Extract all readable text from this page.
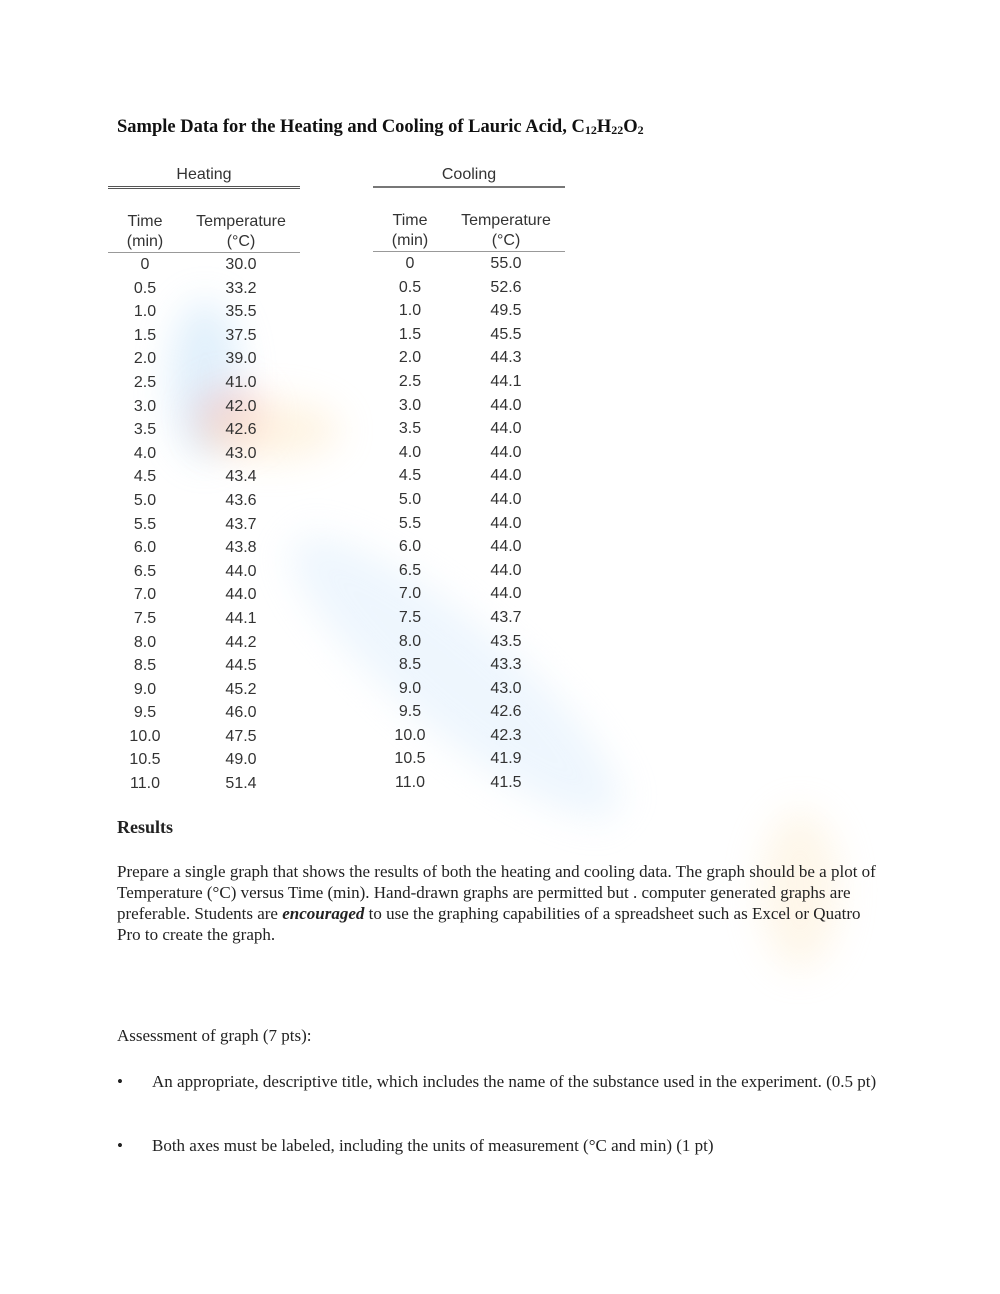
Sample Data for the Heating and Cooling of Lauric Acid, $C_{12}H_{22}O_2$
Heating
Time
(min)
Temperature
(°C)
0	30.0
0.5	33.2
1.0	35.5
1.5	37.5
2.0	39.0
2.5	41.0
3.0	42.0
3.5	42.6
4.0	43.0
4.5	43.4
5.0	43.6
5.5	43.7
6.0	43.8
6.5	44.0
7.0	44.0
7.5	44.1
8.0	44.2
8.5	44.5
9.0	45.2
9.5	46.0
10.0	47.5
10.5	49.0
11.0	51.4
Cooling
Time
(min)
Temperature
(°C)
0	55.0
0.5	52.6
1.0	49.5
1.5	45.5
2.0	44.3
2.5	44.1
3.0	44.0
3.5	44.0
4.0	44.0
4.5	44.0
5.0	44.0
5.5	44.0
6.0	44.0
6.5	44.0
7.0	44.0
7.5	43.7
8.0	43.5
8.5	43.3
9.0	43.0
9.5	42.6
10.0	42.3
10.5	41.9
11.0	41.5
Results
Prepare a single graph that shows the results of both the heating and cooling data. The graph should be a plot of Temperature (°C) versus Time (min). Hand-drawn graphs are permitted but . computer generated graphs are preferable. Students are encouraged to use the graphing capabilities of a spreadsheet such as Excel or Quatro Pro to create the graph.
Assessment of graph (7 pts):
• An appropriate, descriptive title, which includes the name of the substance used in the experiment. (0.5 pt)
• Both axes must be labeled, including the units of measurement (°C and min) (1 pt)
